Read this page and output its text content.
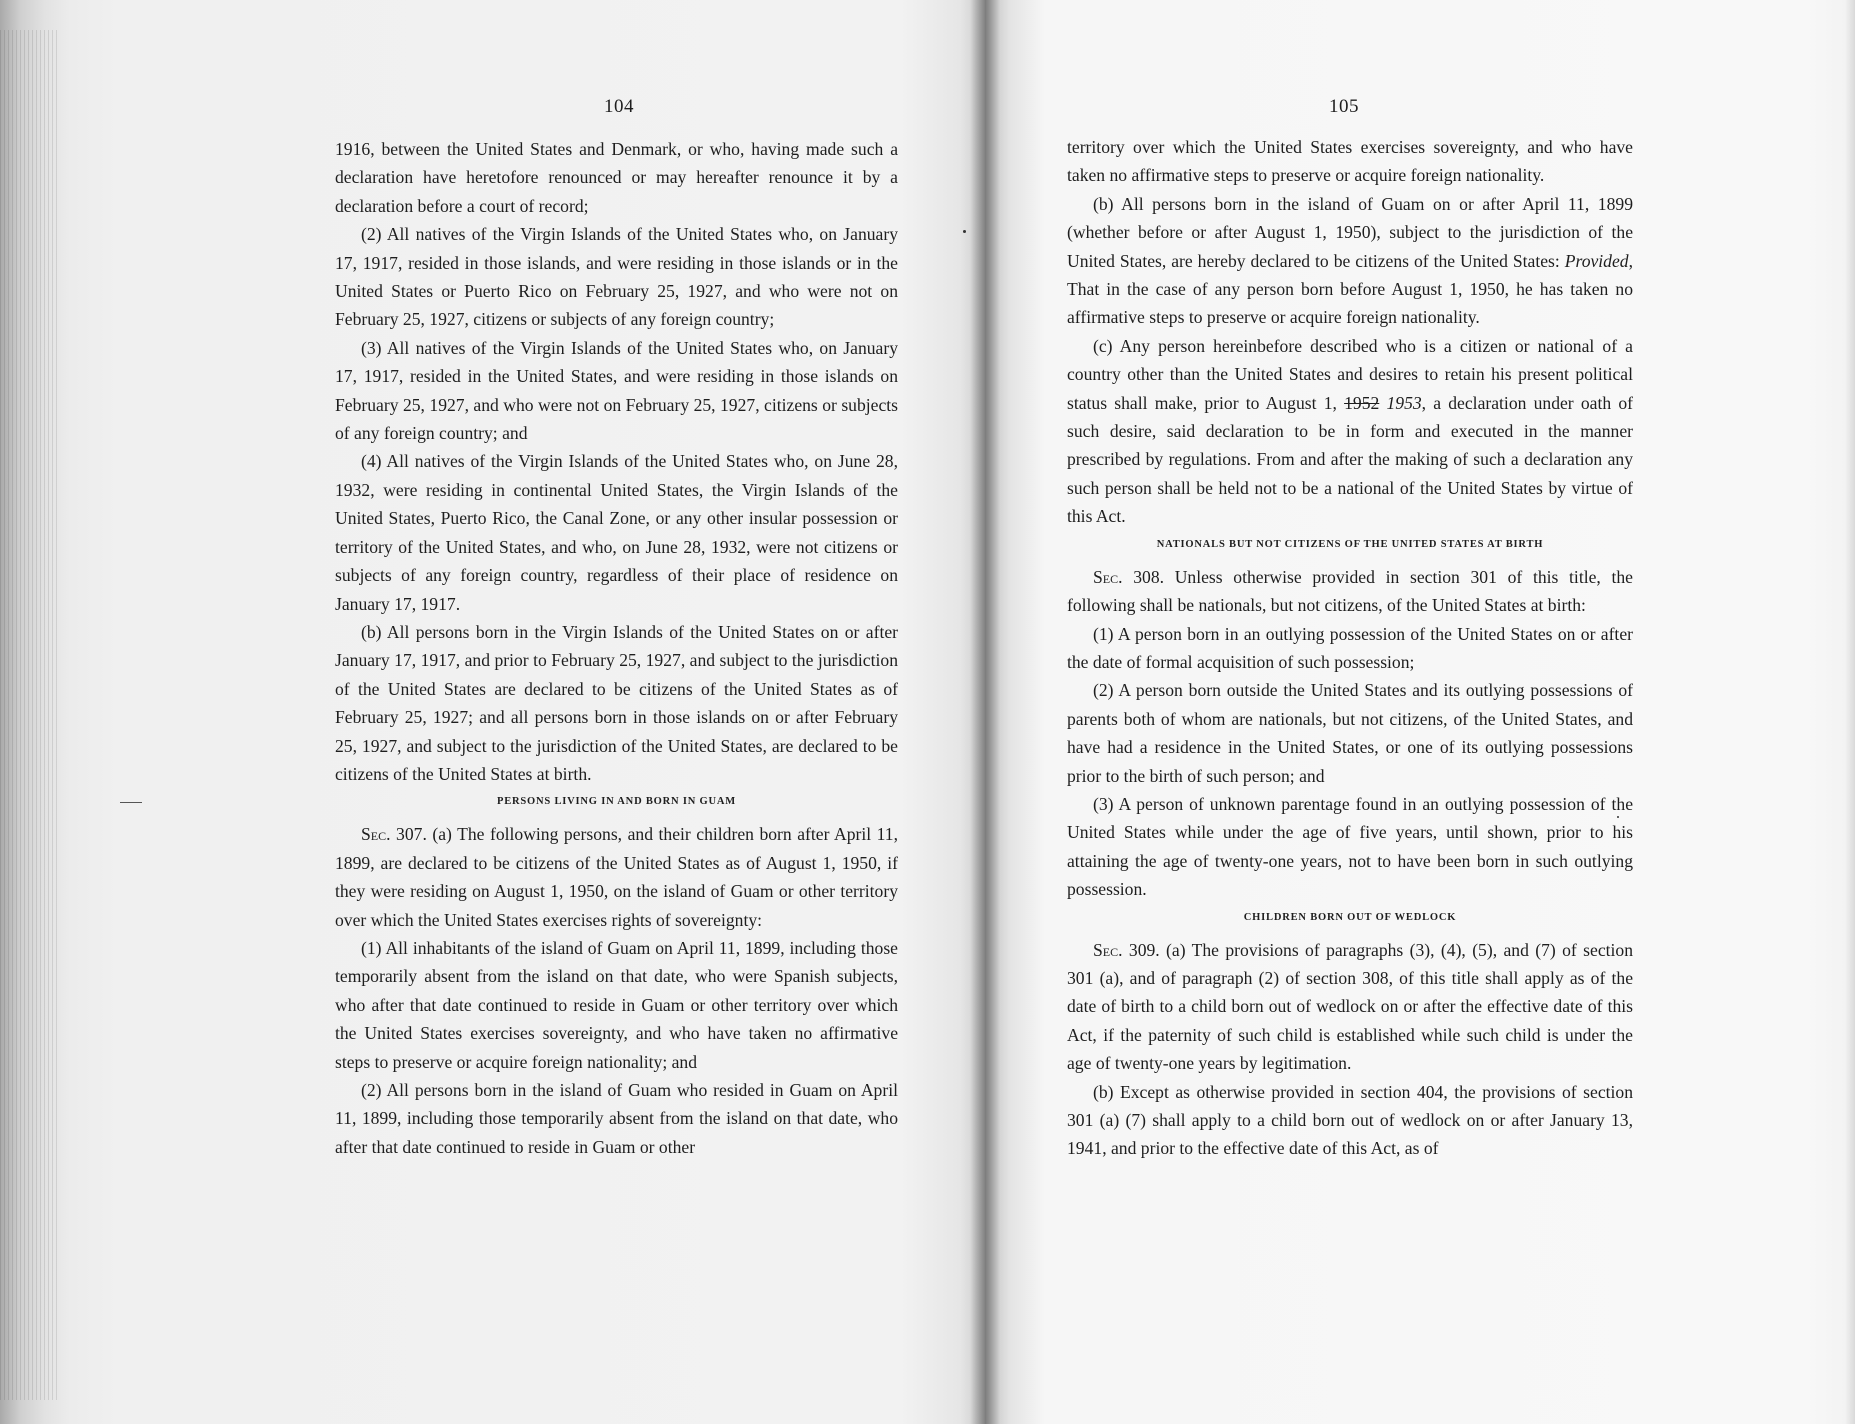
104

1916, between the United States and Denmark, or who, having made such a declaration have heretofore renounced or may hereafter renounce it by a declaration before a court of record;

(2) All natives of the Virgin Islands of the United States who, on January 17, 1917, resided in those islands, and were residing in those islands or in the United States or Puerto Rico on February 25, 1927, and who were not on February 25, 1927, citizens or subjects of any foreign country;

(3) All natives of the Virgin Islands of the United States who, on January 17, 1917, resided in the United States, and were residing in those islands on February 25, 1927, and who were not on February 25, 1927, citizens or subjects of any foreign country; and

(4) All natives of the Virgin Islands of the United States who, on June 28, 1932, were residing in continental United States, the Virgin Islands of the United States, Puerto Rico, the Canal Zone, or any other insular possession or territory of the United States, and who, on June 28, 1932, were not citizens or subjects of any foreign country, regardless of their place of residence on January 17, 1917.

(b) All persons born in the Virgin Islands of the United States on or after January 17, 1917, and prior to February 25, 1927, and subject to the jurisdiction of the United States are declared to be citizens of the United States as of February 25, 1927; and all persons born in those islands on or after February 25, 1927, and subject to the jurisdiction of the United States, are declared to be citizens of the United States at birth.

PERSONS LIVING IN AND BORN IN GUAM

Sec. 307. (a) The following persons, and their children born after April 11, 1899, are declared to be citizens of the United States as of August 1, 1950, if they were residing on August 1, 1950, on the island of Guam or other territory over which the United States exercises rights of sovereignty:

(1) All inhabitants of the island of Guam on April 11, 1899, including those temporarily absent from the island on that date, who were Spanish subjects, who after that date continued to reside in Guam or other territory over which the United States exercises sovereignty, and who have taken no affirmative steps to preserve or acquire foreign nationality; and

(2) All persons born in the island of Guam who resided in Guam on April 11, 1899, including those temporarily absent from the island on that date, who after that date continued to reside in Guam or other

105

territory over which the United States exercises sovereignty, and who have taken no affirmative steps to preserve or acquire foreign nationality.

(b) All persons born in the island of Guam on or after April 11, 1899 (whether before or after August 1, 1950), subject to the jurisdiction of the United States, are hereby declared to be citizens of the United States: Provided, That in the case of any person born before August 1, 1950, he has taken no affirmative steps to preserve or acquire foreign nationality.

(c) Any person hereinbefore described who is a citizen or national of a country other than the United States and desires to retain his present political status shall make, prior to August 1, 1952 1953, a declaration under oath of such desire, said declaration to be in form and executed in the manner prescribed by regulations. From and after the making of such a declaration any such person shall be held not to be a national of the United States by virtue of this Act.

NATIONALS BUT NOT CITIZENS OF THE UNITED STATES AT BIRTH

Sec. 308. Unless otherwise provided in section 301 of this title, the following shall be nationals, but not citizens, of the United States at birth:

(1) A person born in an outlying possession of the United States on or after the date of formal acquisition of such possession;

(2) A person born outside the United States and its outlying possessions of parents both of whom are nationals, but not citizens, of the United States, and have had a residence in the United States, or one of its outlying possessions prior to the birth of such person; and

(3) A person of unknown parentage found in an outlying possession of the United States while under the age of five years, until shown, prior to his attaining the age of twenty-one years, not to have been born in such outlying possession.

CHILDREN BORN OUT OF WEDLOCK

Sec. 309. (a) The provisions of paragraphs (3), (4), (5), and (7) of section 301 (a), and of paragraph (2) of section 308, of this title shall apply as of the date of birth to a child born out of wedlock on or after the effective date of this Act, if the paternity of such child is established while such child is under the age of twenty-one years by legitimation.

(b) Except as otherwise provided in section 404, the provisions of section 301 (a) (7) shall apply to a child born out of wedlock on or after January 13, 1941, and prior to the effective date of this Act, as of
